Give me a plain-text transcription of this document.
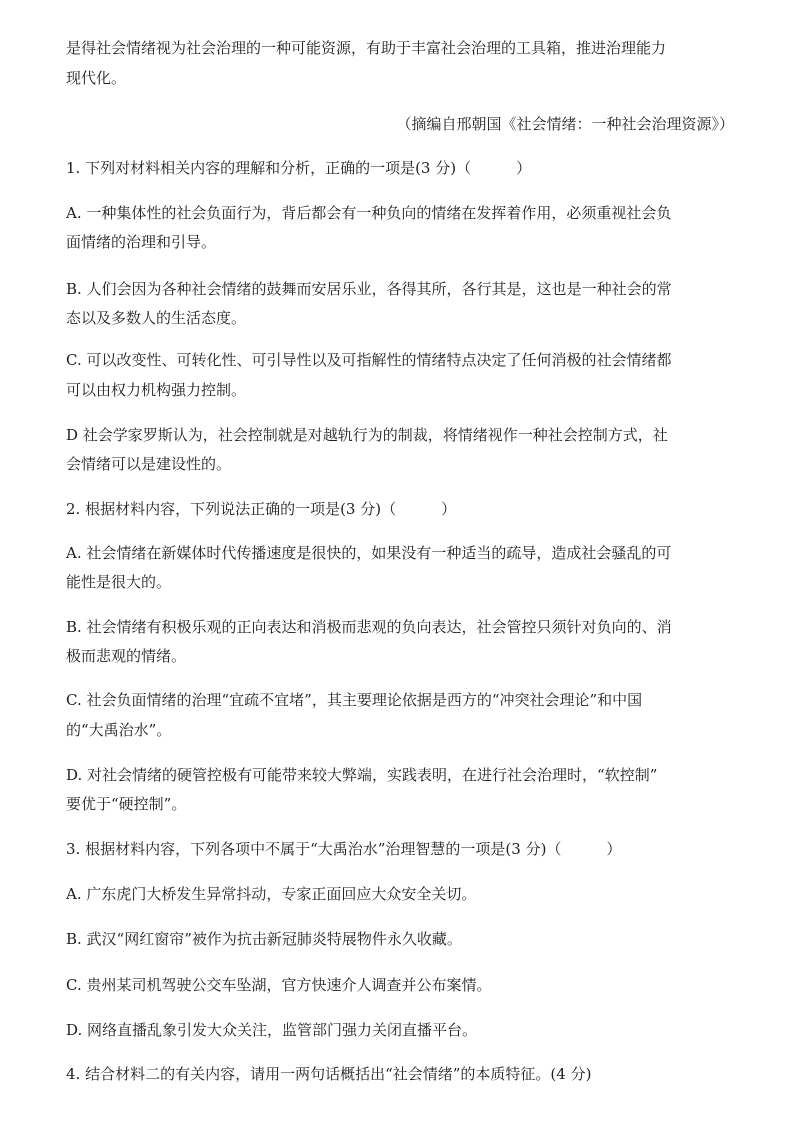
是得社会情绪视为社会治理的一种可能资源，有助于丰富社会治理的工具箱，推进治理能力
现代化。
（摘编自邢朝国《社会情绪：一种社会治理资源》）
1. 下列对材料相关内容的理解和分析，正确的一项是(3 分)（　　　）
A. 一种集体性的社会负面行为，背后都会有一种负向的情绪在发挥着作用，必须重视社会负
面情绪的治理和引导。
B. 人们会因为各种社会情绪的鼓舞而安居乐业，各得其所，各行其是，这也是一种社会的常
态以及多数人的生活态度。
C. 可以改变性、可转化性、可引导性以及可指解性的情绪特点决定了任何消极的社会情绪都
可以由权力机构强力控制。
D 社会学家罗斯认为，社会控制就是对越轨行为的制裁，将情绪视作一种社会控制方式，社
会情绪可以是建设性的。
2. 根据材料内容，下列说法正确的一项是(3 分)（　　　）
A. 社会情绪在新媒体时代传播速度是很快的，如果没有一种适当的疏导，造成社会骚乱的可
能性是很大的。
B. 社会情绪有积极乐观的正向表达和消极而悲观的负向表达，社会管控只须针对负向的、消
极而悲观的情绪。
C. 社会负面情绪的治理“宜疏不宜堵”，其主要理论依据是西方的“冲突社会理论”和中国
的“大禹治水”。
D. 对社会情绪的硬管控极有可能带来较大弊端，实践表明，在进行社会治理时，“软控制”
要优于“硬控制”。
3. 根据材料内容，下列各项中不属于“大禹治水”治理智慧的一项是(3 分)（　　　）
A. 广东虎门大桥发生异常抖动，专家正面回应大众安全关切。
B. 武汉“网红窗帘”被作为抗击新冠肺炎特展物件永久收藏。
C. 贵州某司机驾驶公交车坠湖，官方快速介人调查并公布案情。
D. 网络直播乱象引发大众关注，监管部门强力关闭直播平台。
4. 结合材料二的有关内容，请用一两句话概括出“社会情绪”的本质特征。(4 分)
